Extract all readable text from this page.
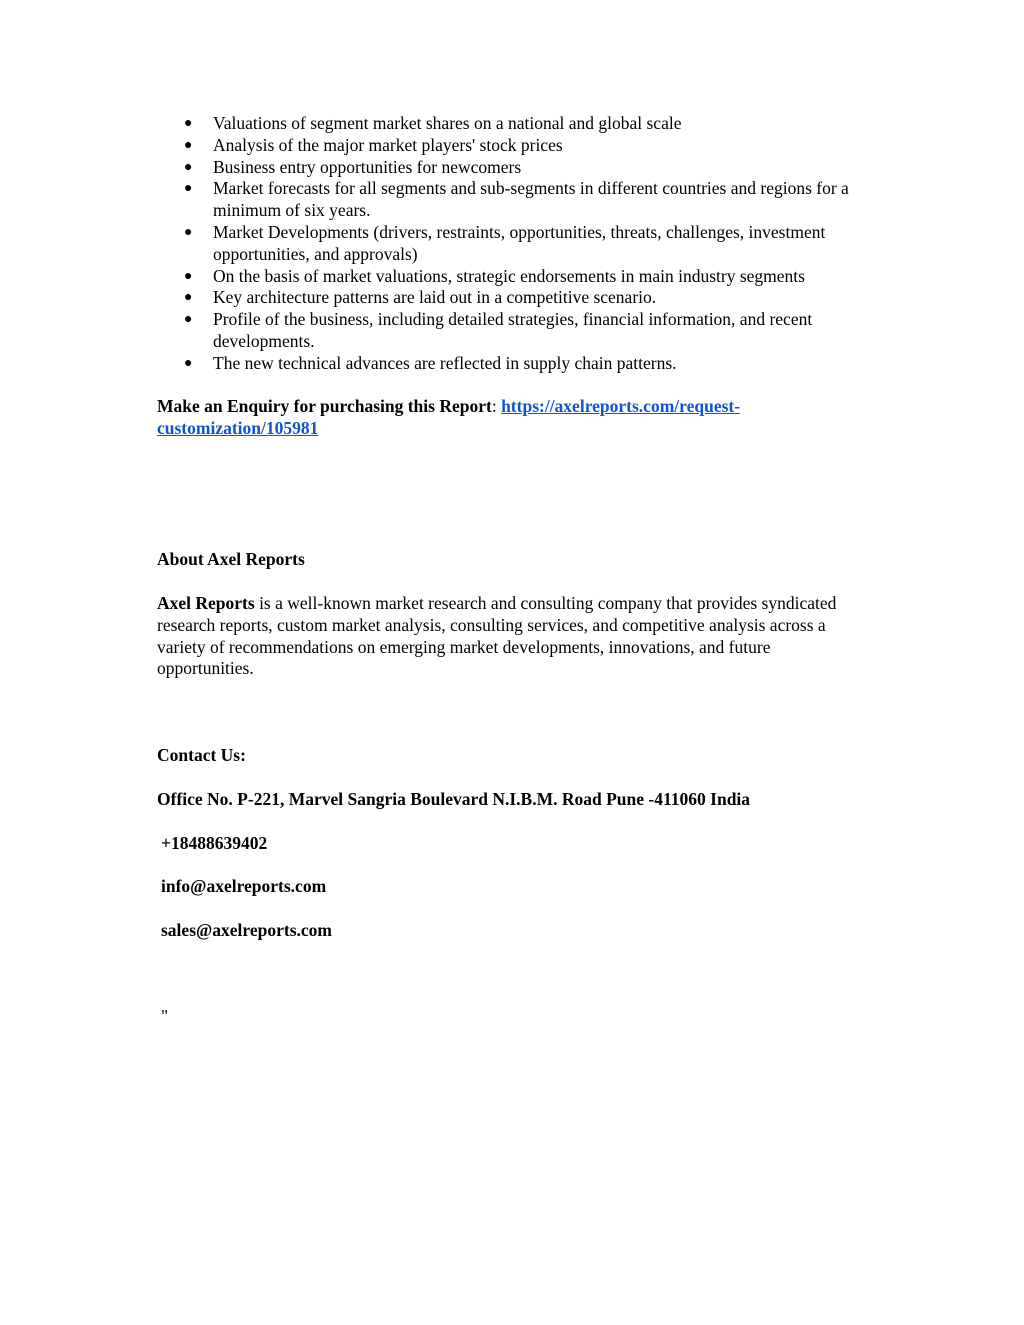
● Valuations of segment market shares on a national and global scale
● Analysis of the major market players' stock prices
● Business entry opportunities for newcomers
● Market forecasts for all segments and sub-segments in different countries and regions for a minimum of six years.
● Market Developments (drivers, restraints, opportunities, threats, challenges, investment opportunities, and approvals)
● On the basis of market valuations, strategic endorsements in main industry segments
● Key architecture patterns are laid out in a competitive scenario.
● Profile of the business, including detailed strategies, financial information, and recent developments.
● The new technical advances are reflected in supply chain patterns.

Make an Enquiry for purchasing this Report: https://axelreports.com/request-customization/105981

About Axel Reports

Axel Reports is a well-known market research and consulting company that provides syndicated research reports, custom market analysis, consulting services, and competitive analysis across a variety of recommendations on emerging market developments, innovations, and future opportunities.

Contact Us:

Office No. P-221, Marvel Sangria Boulevard N.I.B.M. Road Pune -411060 India

+18488639402

info@axelreports.com

sales@axelreports.com

"
